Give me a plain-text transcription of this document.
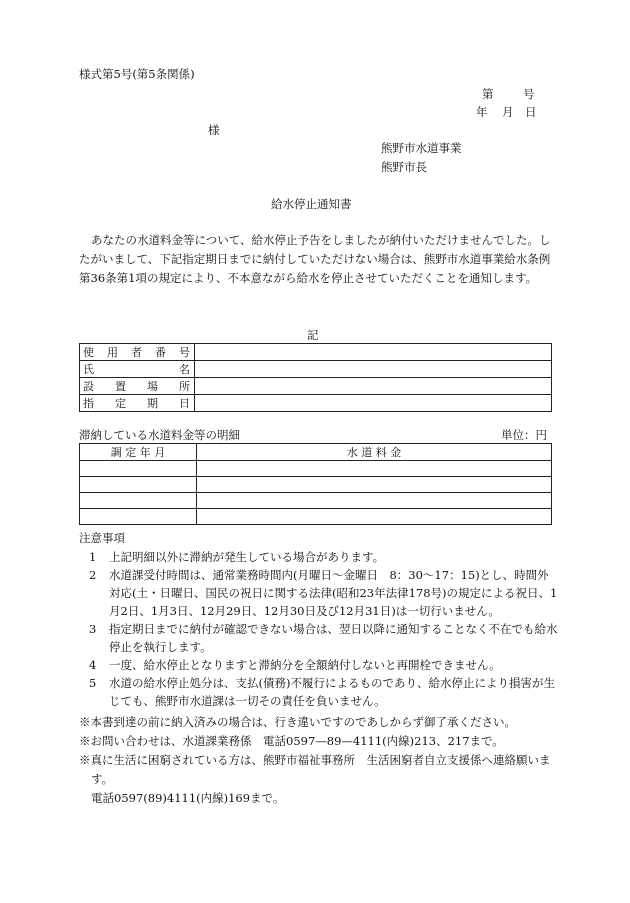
様式第5号(第5条関係)
第	号
年 月 日
様
熊野市水道事業
熊野市長
給水停止通知書
あなたの水道料金等について、給水停止予告をしましたが納付いただけませんでした。したがいまして、下記指定期日までに納付していただけない場合は、熊野市水道事業給水条例第36条第1項の規定により、不本意ながら給水を停止させていただくことを通知します。
記
使 用 者 番 号	

氏 名	

設 置 場 所	

指 定 期 日	

滞納している水道料金等の明細	単位：円
調 定 年 月	水 道 料 金

注意事項
1	上記明細以外に滞納が発生している場合があります。
2	水道課受付時間は、通常業務時間内(月曜日～金曜日　8：30～17：15)とし、時間外対応(土・日曜日、国民の祝日に関する法律(昭和23年法律178号)の規定による祝日、1月2日、1月3日、12月29日、12月30日及び12月31日)は一切行いません。
3	指定期日までに納付が確認できない場合は、翌日以降に通知することなく不在でも給水停止を執行します。
4	一度、給水停止となりますと滞納分を全額納付しないと再開栓できません。
5	水道の給水停止処分は、支払(債務)不履行によるものであり、給水停止により損害が生じても、熊野市水道課は一切その責任を負いません。
※本書到達の前に納入済みの場合は、行き違いですのであしからず御了承ください。
※お問い合わせは、水道課業務係　電話0597—89—4111(内線)213、217まで。
※真に生活に困窮されている方は、熊野市福祉事務所　生活困窮者自立支援係へ連絡願います。
電話0597(89)4111(内線)169まで。
